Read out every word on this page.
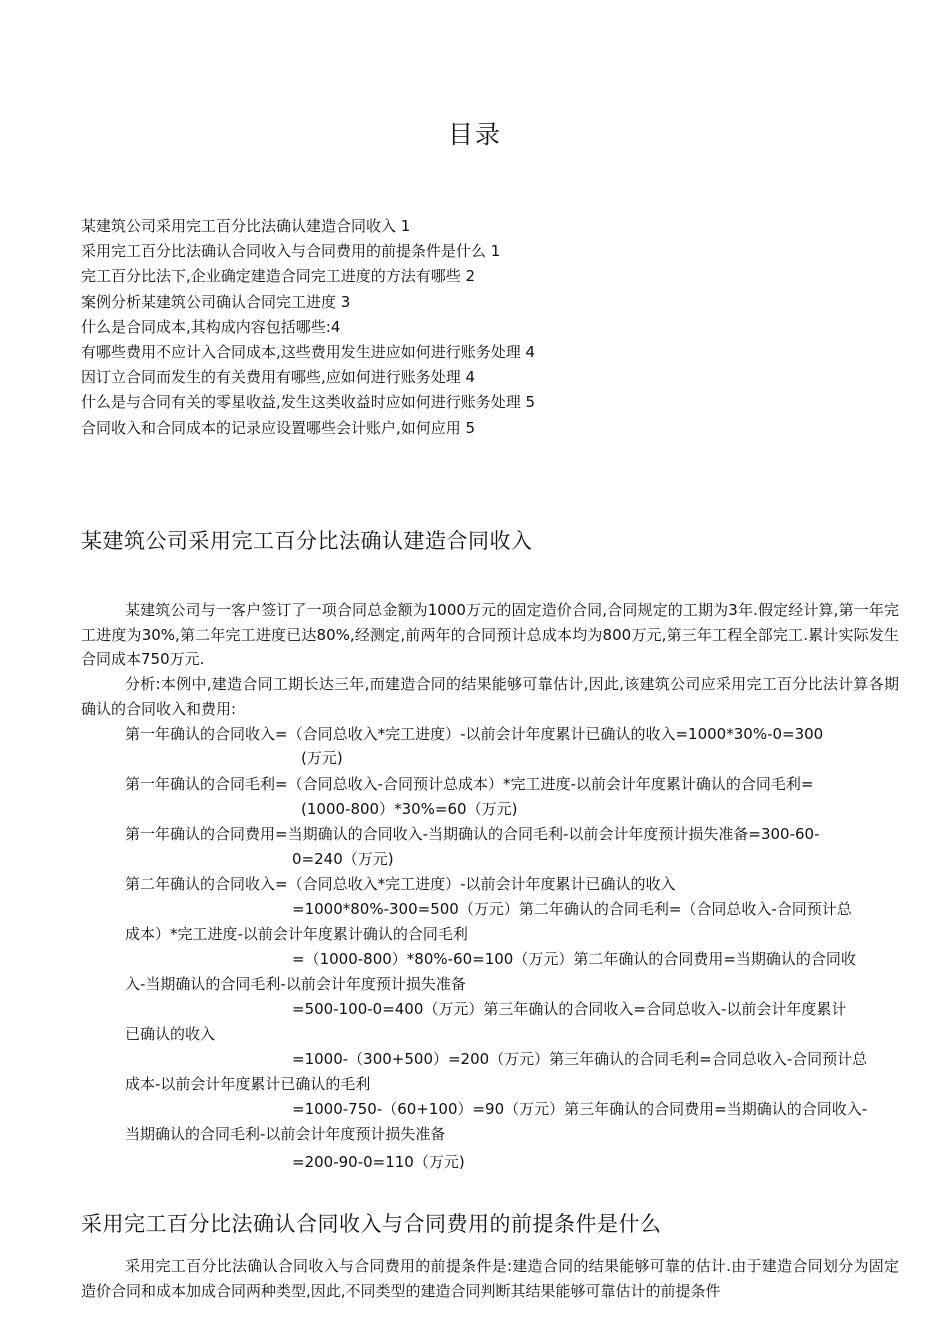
目录
某建筑公司采用完工百分比法确认建造合同收入 1
采用完工百分比法确认合同收入与合同费用的前提条件是什么 1
完工百分比法下,企业确定建造合同完工进度的方法有哪些 2
案例分析某建筑公司确认合同完工进度 3
什么是合同成本,其构成内容包括哪些:4
有哪些费用不应计入合同成本,这些费用发生进应如何进行账务处理 4
因订立合同而发生的有关费用有哪些,应如何进行账务处理 4
什么是与合同有关的零星收益,发生这类收益时应如何进行账务处理 5
合同收入和合同成本的记录应设置哪些会计账户,如何应用 5
某建筑公司采用完工百分比法确认建造合同收入
某建筑公司与一客户签订了一项合同总金额为1000万元的固定造价合同,合同规定的工期为3年.假定经计算,第一年完工进度为30%,第二年完工进度已达80%,经测定,前两年的合同预计总成本均为800万元,第三年工程全部完工.累计实际发生合同成本750万元.
分析:本例中,建造合同工期长达三年,而建造合同的结果能够可靠估计,因此,该建筑公司应采用完工百分比法计算各期确认的合同收入和费用:
第一年确认的合同收入=（合同总收入*完工进度）-以前会计年度累计已确认的收入=1000*30%-0=300
(万元)
第一年确认的合同毛利=（合同总收入-合同预计总成本）*完工进度-以前会计年度累计确认的合同毛利=
(1000-800）*30%=60（万元)
第一年确认的合同费用=当期确认的合同收入-当期确认的合同毛利-以前会计年度预计损失准备=300-60-
0=240（万元)
第二年确认的合同收入=（合同总收入*完工进度）-以前会计年度累计已确认的收入
=1000*80%-300=500（万元）第二年确认的合同毛利=（合同总收入-合同预计总
成本）*完工进度-以前会计年度累计确认的合同毛利
=（1000-800）*80%-60=100（万元）第二年确认的合同费用=当期确认的合同收
入-当期确认的合同毛利-以前会计年度预计损失准备
=500-100-0=400（万元）第三年确认的合同收入=合同总收入-以前会计年度累计
已确认的收入
=1000-（300+500）=200（万元）第三年确认的合同毛利=合同总收入-合同预计总
成本-以前会计年度累计已确认的毛利
=1000-750-（60+100）=90（万元）第三年确认的合同费用=当期确认的合同收入-
当期确认的合同毛利-以前会计年度预计损失准备
=200-90-0=110（万元)
采用完工百分比法确认合同收入与合同费用的前提条件是什么
采用完工百分比法确认合同收入与合同费用的前提条件是:建造合同的结果能够可靠的估计.由于建造合同划分为固定造价合同和成本加成合同两种类型,因此,不同类型的建造合同判断其结果能够可靠估计的前提条件
